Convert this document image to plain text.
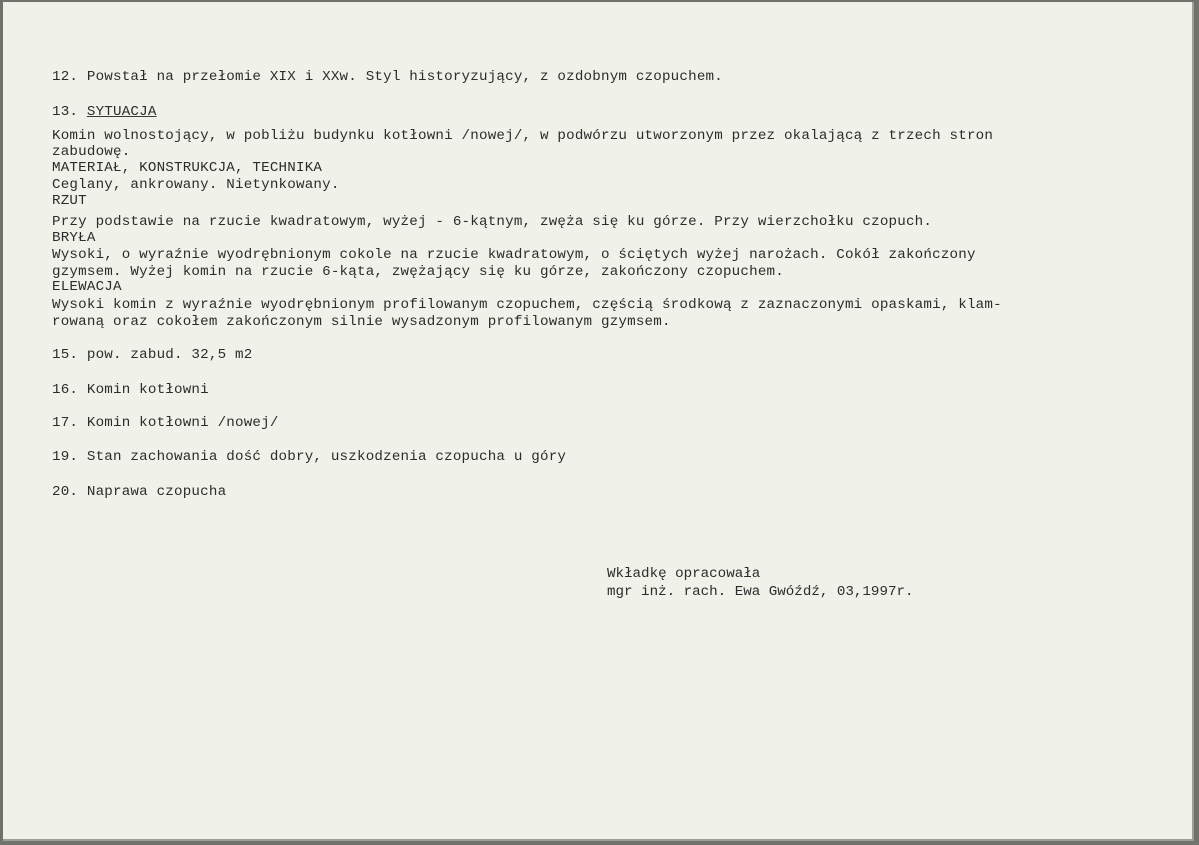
12. Powstał na przełomie XIX i XXw. Styl historyzujący, z ozdobnym czopuchem.
13. SYTUACJA
Komin wolnostojący, w pobliżu budynku kotłowni /nowej/, w podwórzu utworzonym przez okalającą z trzech stron
zabudowę.
MATERIAŁ, KONSTRUKCJA, TECHNIKA
Ceglany, ankrowany. Nietynkowany.
RZUT
Przy podstawie na rzucie kwadratowym, wyżej - 6-kątnym, zwęża się ku górze. Przy wierzchołku czopuch.
BRYŁA
Wysoki, o wyraźnie wyodrębnionym cokole na rzucie kwadratowym, o ściętych wyżej narożach. Cokół zakończony
gzymsem. Wyżej komin na rzucie 6-kąta, zwężający się ku górze, zakończony czopuchem.
ELEWACJA
Wysoki komin z wyraźnie wyodrębnionym profilowanym czopuchem, częścią środkową z zaznaczonymi opaskami, klam-
rowaną oraz cokołem zakończonym silnie wysadzonym profilowanym gzymsem.
15. pow. zabud. 32,5 m2
16. Komin kotłowni
17. Komin kotłowni /nowej/
19. Stan zachowania dość dobry, uszkodzenia czopucha u góry
20. Naprawa czopucha
Wkładkę opracowała
mgr inż. rach. Ewa Gwóźdź, 03,1997r.
